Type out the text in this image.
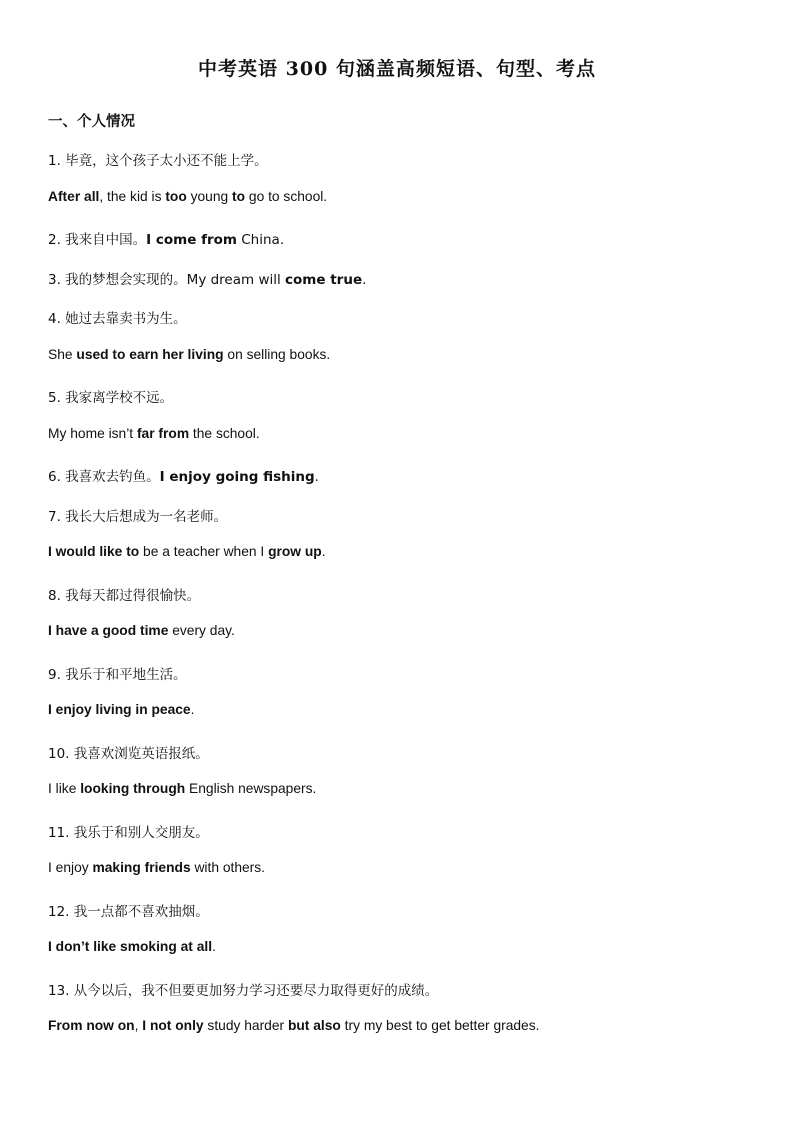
中考英语 300 句涵盖高频短语、句型、考点
一、个人情况
1. 毕竟，这个孩子太小还不能上学。
After all, the kid is too young to go to school.
2. 我来自中国。I come from China.
3. 我的梦想会实现的。My dream will come true.
4. 她过去靠卖书为生。
She used to earn her living on selling books.
5. 我家离学校不远。
My home isn’t far from the school.
6. 我喜欢去钓鱼。I enjoy going fishing.
7. 我长大后想成为一名老师。
I would like to be a teacher when I grow up.
8. 我每天都过得很愉快。
I have a good time every day.
9. 我乐于和平地生活。
I enjoy living in peace.
10. 我喜欢浏览英语报纸。
I like looking through English newspapers.
11. 我乐于和别人交朋友。
I enjoy making friends with others.
12. 我一点都不喜欢抽烟。
I don’t like smoking at all.
13. 从今以后，我不但要更加努力学习还要尽力取得更好的成绩。
From now on, I not only study harder but also try my best to get better grades.
